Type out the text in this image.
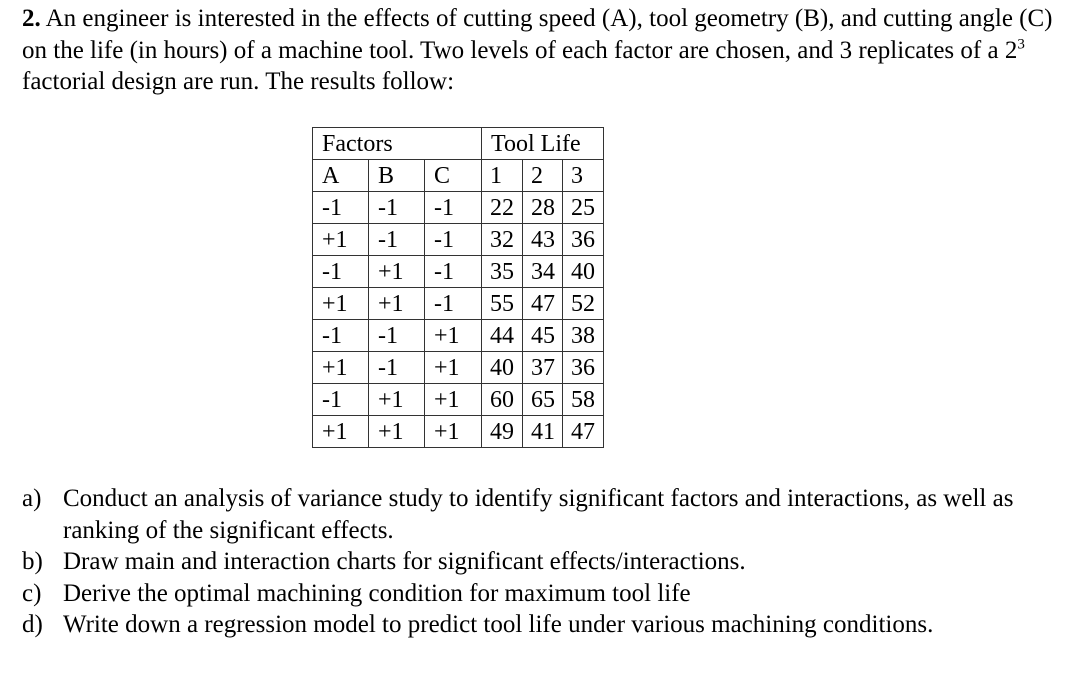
2. An engineer is interested in the effects of cutting speed (A), tool geometry (B), and cutting angle (C) on the life (in hours) of a machine tool. Two levels of each factor are chosen, and 3 replicates of a $2^3$ factorial design are run. The results follow:
Factors			Tool Life		
A	B	C	1	2	3
-1	-1	-1	22	28	25
+1	-1	-1	32	43	36
-1	+1	-1	35	34	40
+1	+1	-1	55	47	52
-1	-1	+1	44	45	38
+1	-1	+1	40	37	36
-1	+1	+1	60	65	58
+1	+1	+1	49	41	47
a) Conduct an analysis of variance study to identify significant factors and interactions, as well as ranking of the significant effects.
b) Draw main and interaction charts for significant effects/interactions.
c) Derive the optimal machining condition for maximum tool life
d) Write down a regression model to predict tool life under various machining conditions.
